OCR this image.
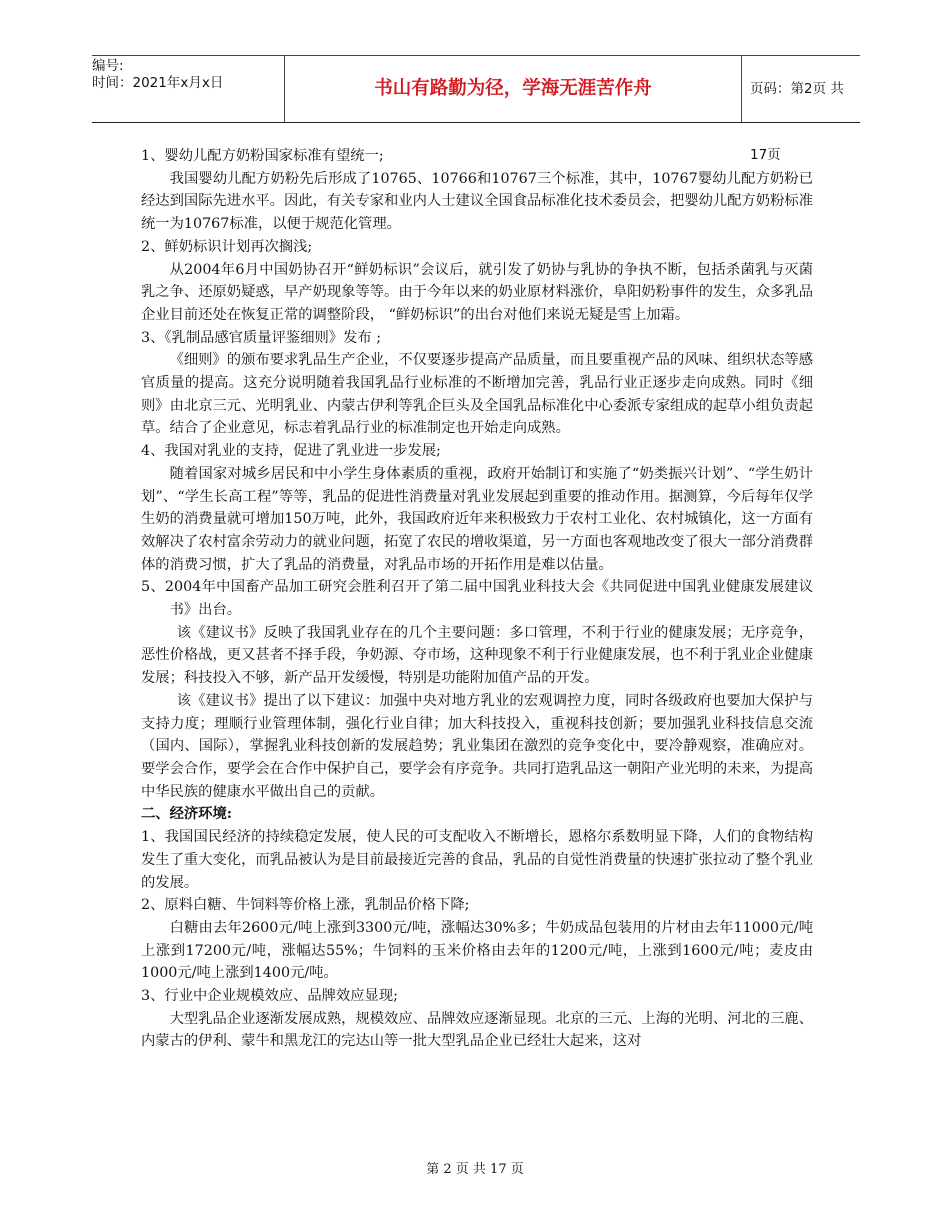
编号:
时间：2021年x月x日	书山有路勤为径，学海无涯苦作舟	页码：第2页 共17页

1、婴幼儿配方奶粉国家标准有望统一;

我国婴幼儿配方奶粉先后形成了10765、10766和10767三个标准，其中，10767婴幼儿配方奶粉已经达到国际先进水平。因此，有关专家和业内人士建议全国食品标准化技术委员会，把婴幼儿配方奶粉标准统一为10767标准，以便于规范化管理。

2、鲜奶标识计划再次搁浅;

从2004年6月中国奶协召开“鲜奶标识”会议后，就引发了奶协与乳协的争执不断，包括杀菌乳与灭菌乳之争、还原奶疑惑，早产奶现象等等。由于今年以来的奶业原材料涨价，阜阳奶粉事件的发生，众多乳品企业目前还处在恢复正常的调整阶段， “鲜奶标识”的出台对他们来说无疑是雪上加霜。

3、《乳制品感官质量评鉴细则》发布 ;

《细则》的颁布要求乳品生产企业，不仅要逐步提高产品质量，而且要重视产品的风味、组织状态等感官质量的提高。这充分说明随着我国乳品行业标准的不断增加完善，乳品行业正逐步走向成熟。同时《细则》由北京三元、光明乳业、内蒙古伊利等乳企巨头及全国乳品标准化中心委派专家组成的起草小组负责起草。结合了企业意见，标志着乳品行业的标准制定也开始走向成熟。

4、我国对乳业的支持，促进了乳业进一步发展;

随着国家对城乡居民和中小学生身体素质的重视，政府开始制订和实施了“奶类振兴计划”、“学生奶计划”、“学生长高工程”等等，乳品的促进性消费量对乳业发展起到重要的推动作用。据测算，今后每年仅学生奶的消费量就可增加150万吨，此外，我国政府近年来积极致力于农村工业化、农村城镇化，这一方面有效解决了农村富余劳动力的就业问题，拓宽了农民的增收渠道，另一方面也客观地改变了很大一部分消费群体的消费习惯，扩大了乳品的消费量，对乳品市场的开拓作用是难以估量。

5、2004年中国畜产品加工研究会胜利召开了第二届中国乳业科技大会《共同促进中国乳业健康发展建议书》出台。

该《建议书》反映了我国乳业存在的几个主要问题：多口管理，不利于行业的健康发展；无序竞争，恶性价格战，更又甚者不择手段，争奶源、夺市场，这种现象不利于行业健康发展，也不利于乳业企业健康发展；科技投入不够，新产品开发缓慢，特别是功能附加值产品的开发。

该《建议书》提出了以下建议：加强中央对地方乳业的宏观调控力度，同时各级政府也要加大保护与支持力度；理顺行业管理体制，强化行业自律；加大科技投入，重视科技创新；要加强乳业科技信息交流（国内、国际），掌握乳业科技创新的发展趋势；乳业集团在激烈的竞争变化中，要冷静观察，准确应对。要学会合作，要学会在合作中保护自己，要学会有序竞争。共同打造乳品这一朝阳产业光明的未来，为提高中华民族的健康水平做出自己的贡献。

二、经济环境:

1、我国国民经济的持续稳定发展，使人民的可支配收入不断增长，恩格尔系数明显下降，人们的食物结构发生了重大变化，而乳品被认为是目前最接近完善的食品，乳品的自觉性消费量的快速扩张拉动了整个乳业的发展。

2、原料白糖、牛饲料等价格上涨，乳制品价格下降;

白糖由去年2600元/吨上涨到3300元/吨，涨幅达30%多；牛奶成品包装用的片材由去年11000元/吨上涨到17200元/吨，涨幅达55%；牛饲料的玉米价格由去年的1200元/吨，上涨到1600元/吨；麦皮由1000元/吨上涨到1400元/吨。

3、行业中企业规模效应、品牌效应显现;

大型乳品企业逐渐发展成熟，规模效应、品牌效应逐渐显现。北京的三元、上海的光明、河北的三鹿、内蒙古的伊利、蒙牛和黑龙江的完达山等一批大型乳品企业已经壮大起来，这对

第 2 页 共 17 页
